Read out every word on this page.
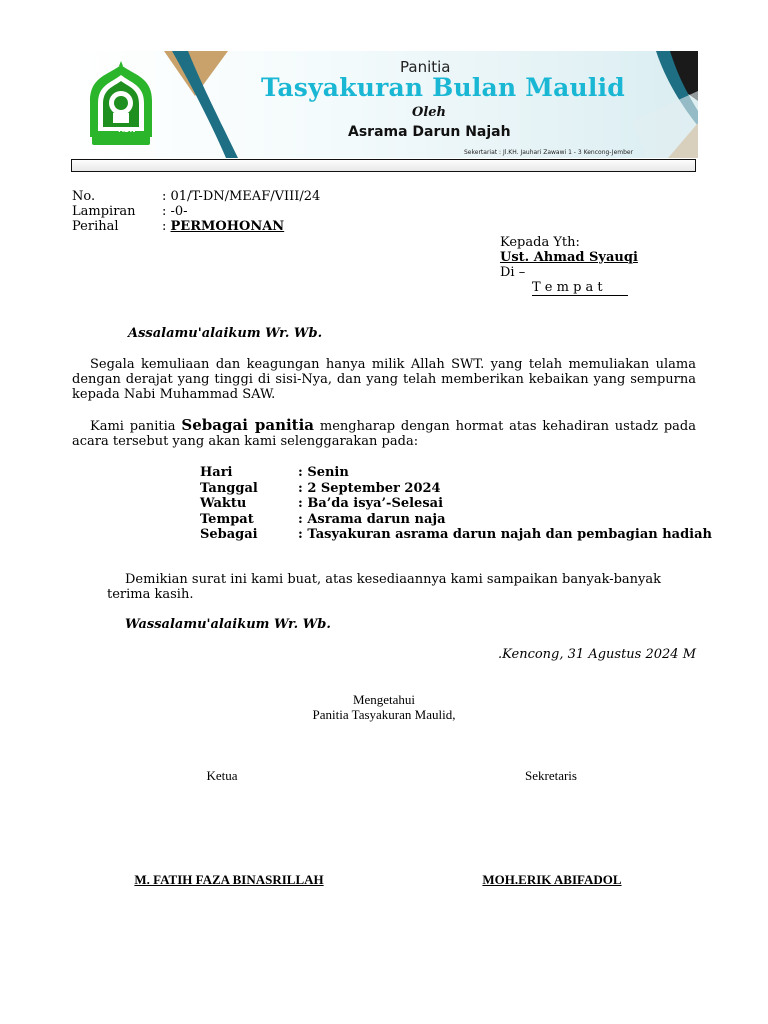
ADN
Panitia
Tasyakuran Bulan Maulid
Oleh
Asrama Darun Najah
Sekertariat : Jl.KH. Jauhari Zawawi 1 - 3 Kencong-Jember
No.	: 01/T-DN/MEAF/VIII/24
Lampiran : -0-
Perihal	: PERMOHONAN
Kepada Yth:
Ust. Ahmad Syauqi
Di –
T e m p a t
Assalamu'alaikum Wr. Wb.
Segala kemuliaan dan keagungan hanya milik Allah SWT. yang telah memuliakan ulama dengan derajat yang tinggi di sisi-Nya, dan yang telah memberikan kebaikan yang sempurna kepada Nabi Muhammad SAW.
Kami panitia Sebagai panitia mengharap dengan hormat atas kehadiran ustadz pada acara tersebut yang akan kami selenggarakan pada:
Hari	: Senin
Tanggal	: 2 September 2024
Waktu	: Ba’da isya’-Selesai
Tempat	: Asrama darun naja
Sebagai	: Tasyakuran asrama darun najah dan pembagian hadiah
Demikian surat ini kami buat, atas kesediaannya kami sampaikan banyak-banyak terima kasih.
Wassalamu'alaikum Wr. Wb.
.Kencong, 31 Agustus 2024 M
Mengetahui
Panitia Tasyakuran Maulid,
Ketua	Sekretaris
M. FATIH FAZA BINASRILLAH	MOH.ERIK ABIFADOL
